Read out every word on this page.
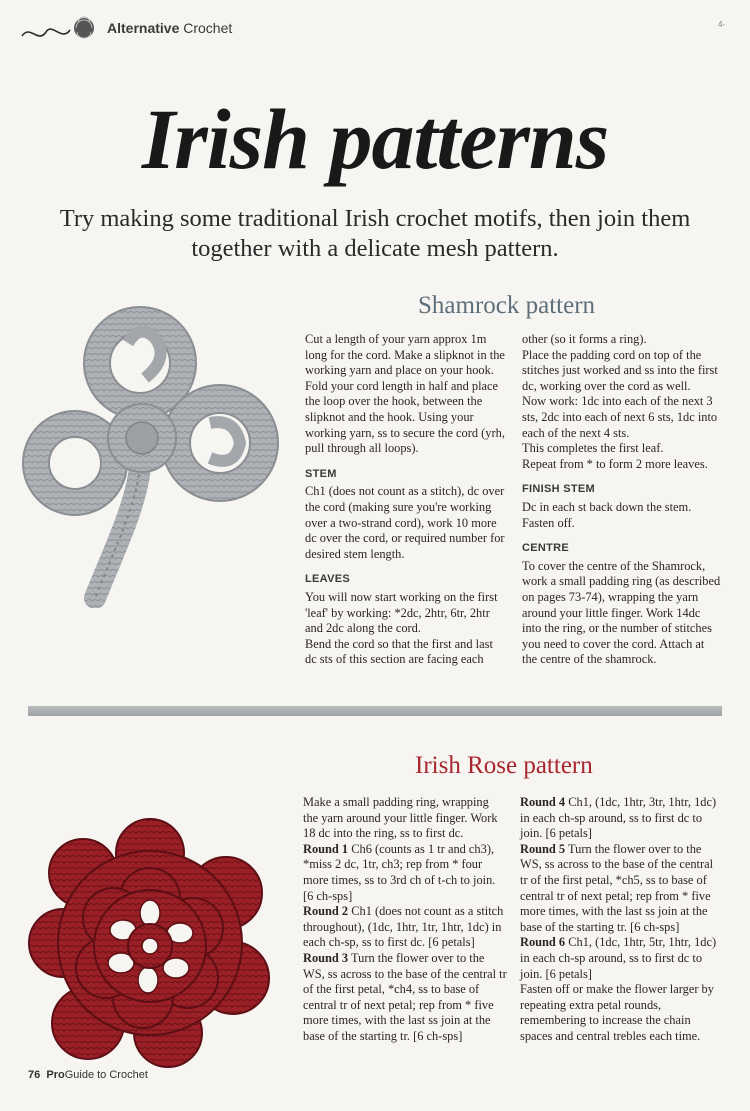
Alternative Crochet	4-
Irish patterns
Try making some traditional Irish crochet motifs, then join them together with a delicate mesh pattern.
Shamrock pattern

Cut a length of your yarn approx 1m long for the cord. Make a slipknot in the working yarn and place on your hook. Fold your cord length in half and place the loop over the hook, between the slipknot and the hook. Using your working yarn, ss to secure the cord (yrh, pull through all loops).

STEM

Ch1 (does not count as a stitch), dc over the cord (making sure you're working over a two-strand cord), work 10 more dc over the cord, or required number for desired stem length.

LEAVES

You will now start working on the first 'leaf' by working: *2dc, 2htr, 6tr, 2htr and 2dc along the cord.

Bend the cord so that the first and last dc sts of this section are facing each

other (so it forms a ring).

Place the padding cord on top of the stitches just worked and ss into the first dc, working over the cord as well.

Now work: 1dc into each of the next 3 sts, 2dc into each of next 6 sts, 1dc into each of the next 4 sts.

This completes the first leaf.

Repeat from * to form 2 more leaves.

FINISH STEM

Dc in each st back down the stem. Fasten off.

CENTRE

To cover the centre of the Shamrock, work a small padding ring (as described on pages 73-74), wrapping the yarn around your little finger. Work 14dc into the ring, or the number of stitches you need to cover the cord. Attach at the centre of the shamrock.

Irish Rose pattern

Make a small padding ring, wrapping the yarn around your little finger. Work 18 dc into the ring, ss to first dc.

Round 1 Ch6 (counts as 1 tr and ch3), *miss 2 dc, 1tr, ch3; rep from * four more times, ss to 3rd ch of t-ch to join. [6 ch-sps]

Round 2 Ch1 (does not count as a stitch throughout), (1dc, 1htr, 1tr, 1htr, 1dc) in each ch-sp, ss to first dc. [6 petals]

Round 3 Turn the flower over to the WS, ss across to the base of the central tr of the first petal, *ch4, ss to base of central tr of next petal; rep from * five more times, with the last ss join at the base of the starting tr. [6 ch-sps]

Round 4 Ch1, (1dc, 1htr, 3tr, 1htr, 1dc) in each ch-sp around, ss to first dc to join. [6 petals]

Round 5 Turn the flower over to the WS, ss across to the base of the central tr of the first petal, *ch5, ss to base of central tr of next petal; rep from * five more times, with the last ss join at the base of the starting tr. [6 ch-sps]

Round 6 Ch1, (1dc, 1htr, 5tr, 1htr, 1dc) in each ch-sp around, ss to first dc to join. [6 petals]

Fasten off or make the flower larger by repeating extra petal rounds, remembering to increase the chain spaces and central trebles each time.

76 ProGuide to Crochet
